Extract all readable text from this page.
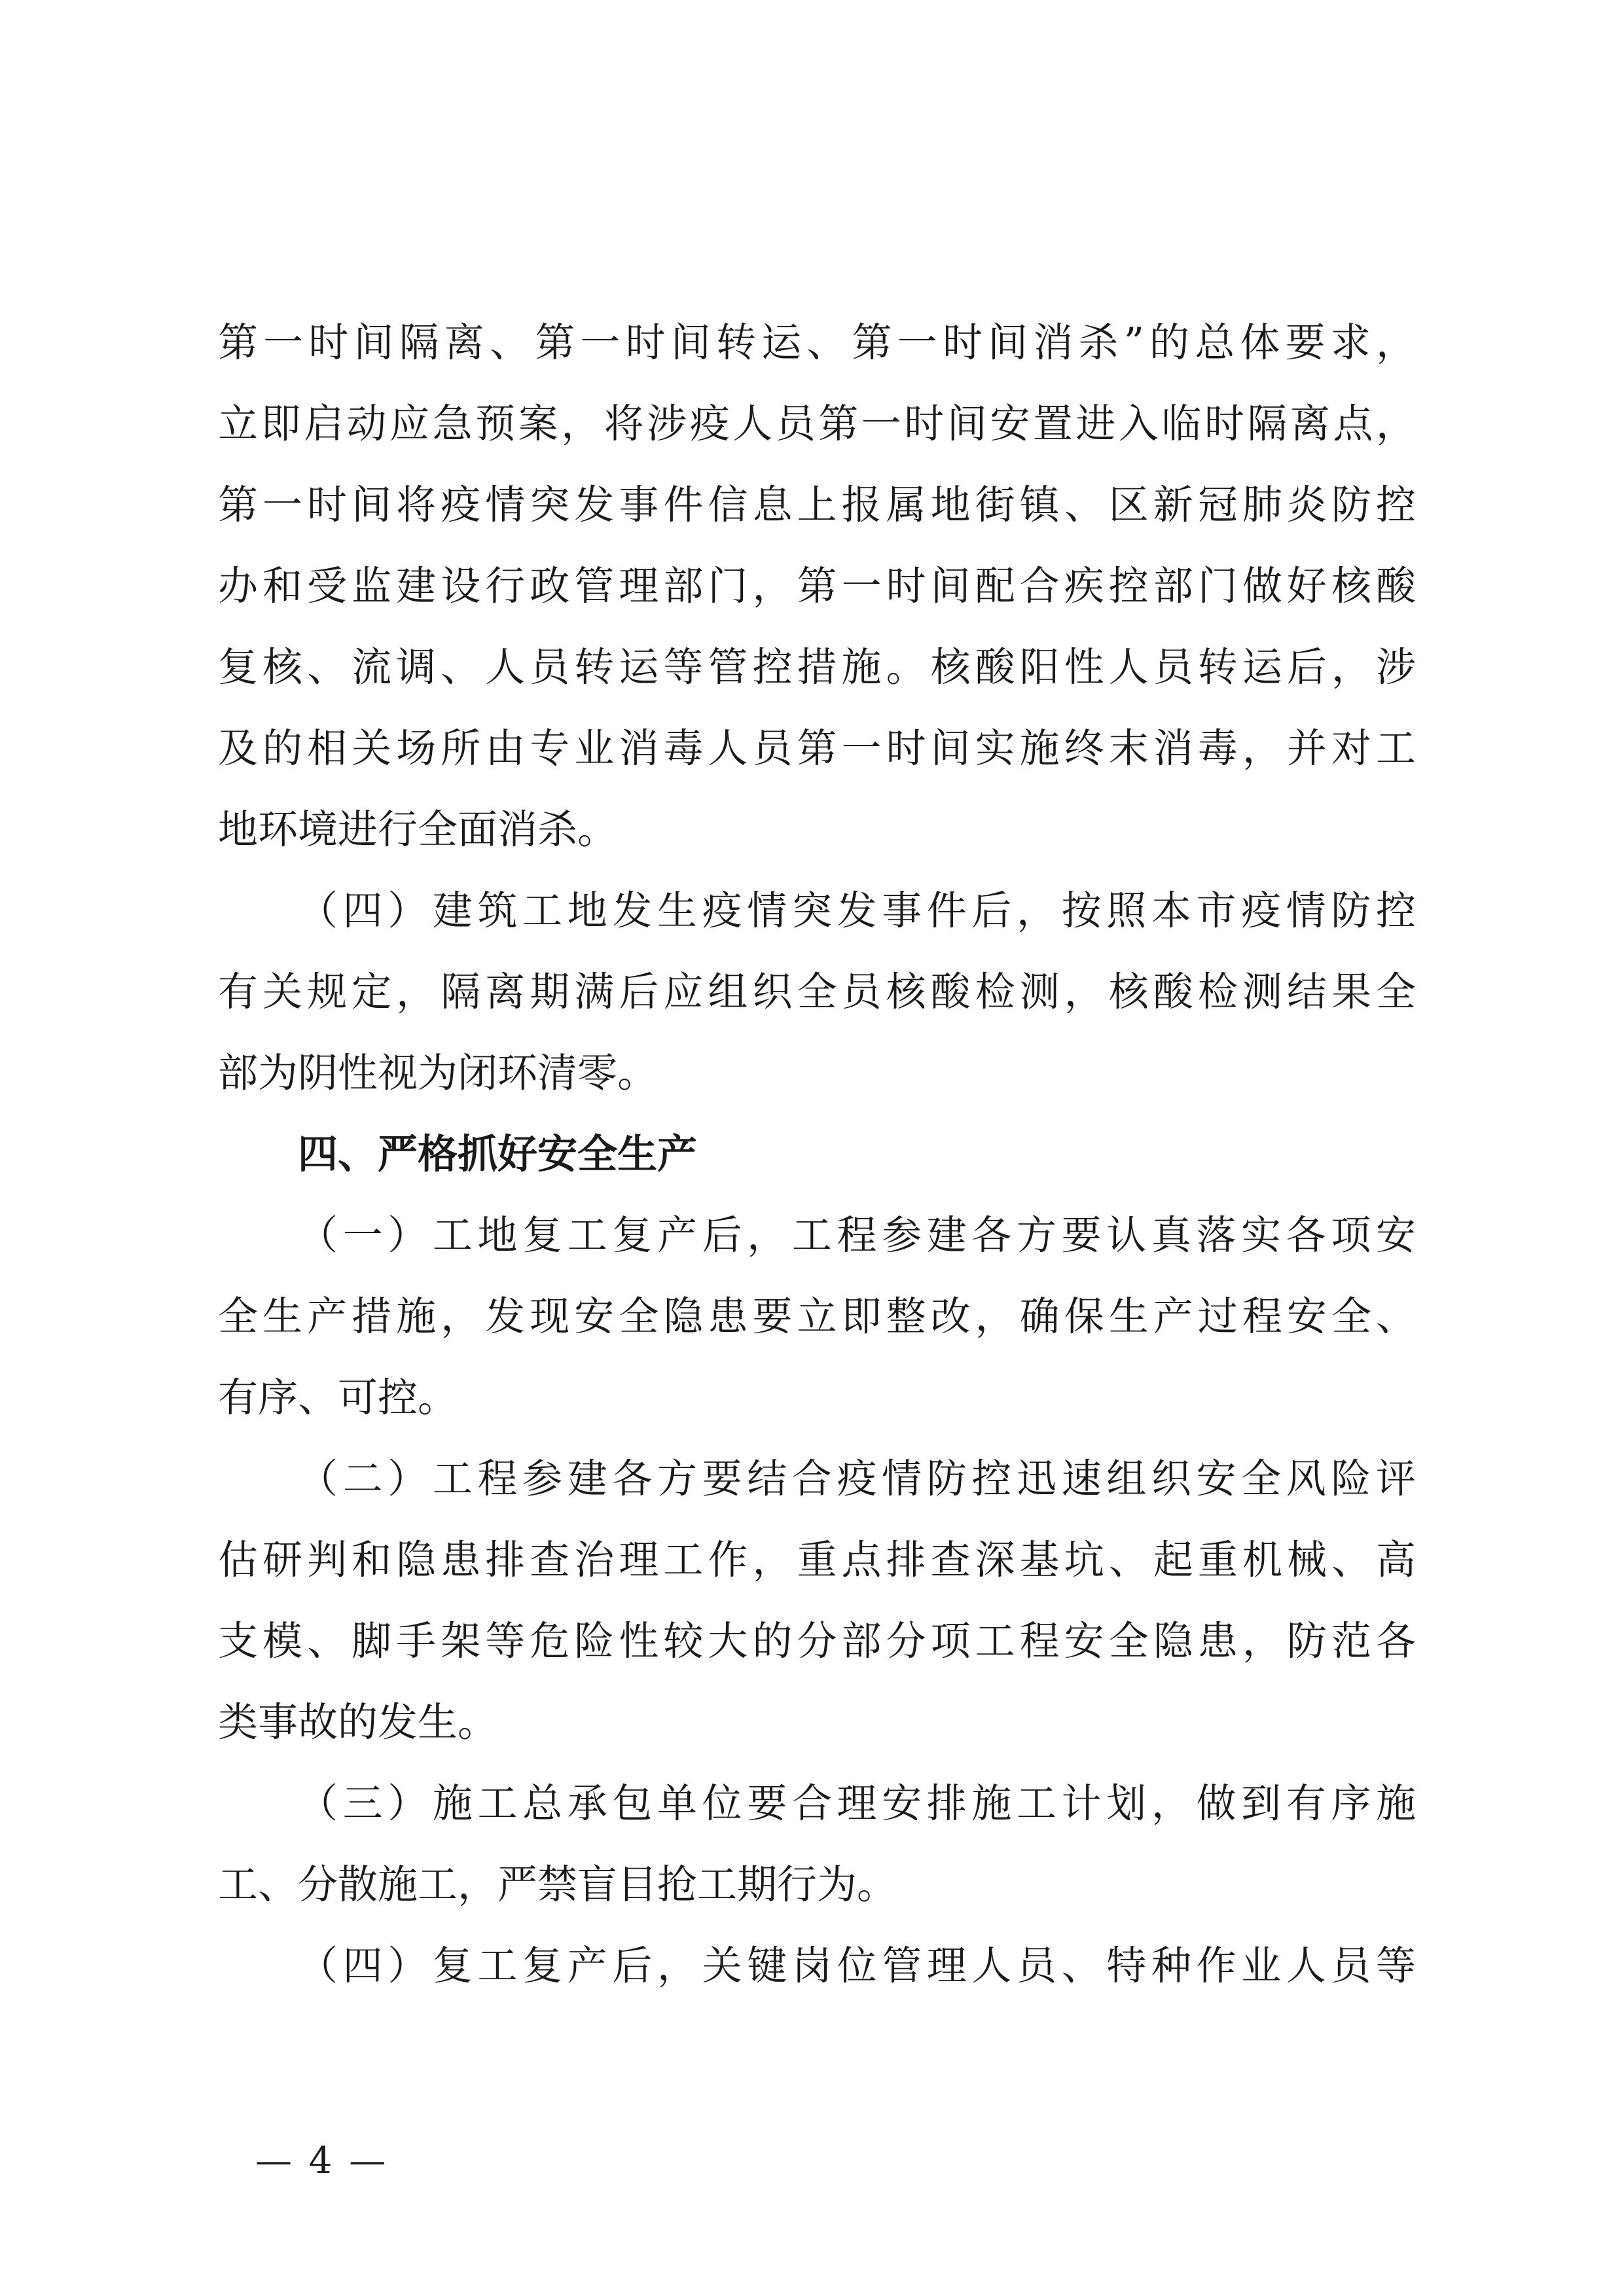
第一时间隔离、第一时间转运、第一时间消杀”的总体要求，
立即启动应急预案，将涉疫人员第一时间安置进入临时隔离点，
第一时间将疫情突发事件信息上报属地街镇、区新冠肺炎防控
办和受监建设行政管理部门，第一时间配合疾控部门做好核酸
复核、流调、人员转运等管控措施。核酸阳性人员转运后，涉
及的相关场所由专业消毒人员第一时间实施终末消毒，并对工
地环境进行全面消杀。
（四）建筑工地发生疫情突发事件后，按照本市疫情防控
有关规定，隔离期满后应组织全员核酸检测，核酸检测结果全
部为阴性视为闭环清零。
四、严格抓好安全生产
（一）工地复工复产后，工程参建各方要认真落实各项安
全生产措施，发现安全隐患要立即整改，确保生产过程安全、
有序、可控。
（二）工程参建各方要结合疫情防控迅速组织安全风险评
估研判和隐患排查治理工作，重点排查深基坑、起重机械、高
支模、脚手架等危险性较大的分部分项工程安全隐患，防范各
类事故的发生。
（三）施工总承包单位要合理安排施工计划，做到有序施
工、分散施工，严禁盲目抢工期行为。
（四）复工复产后，关键岗位管理人员、特种作业人员等
— 4 —
